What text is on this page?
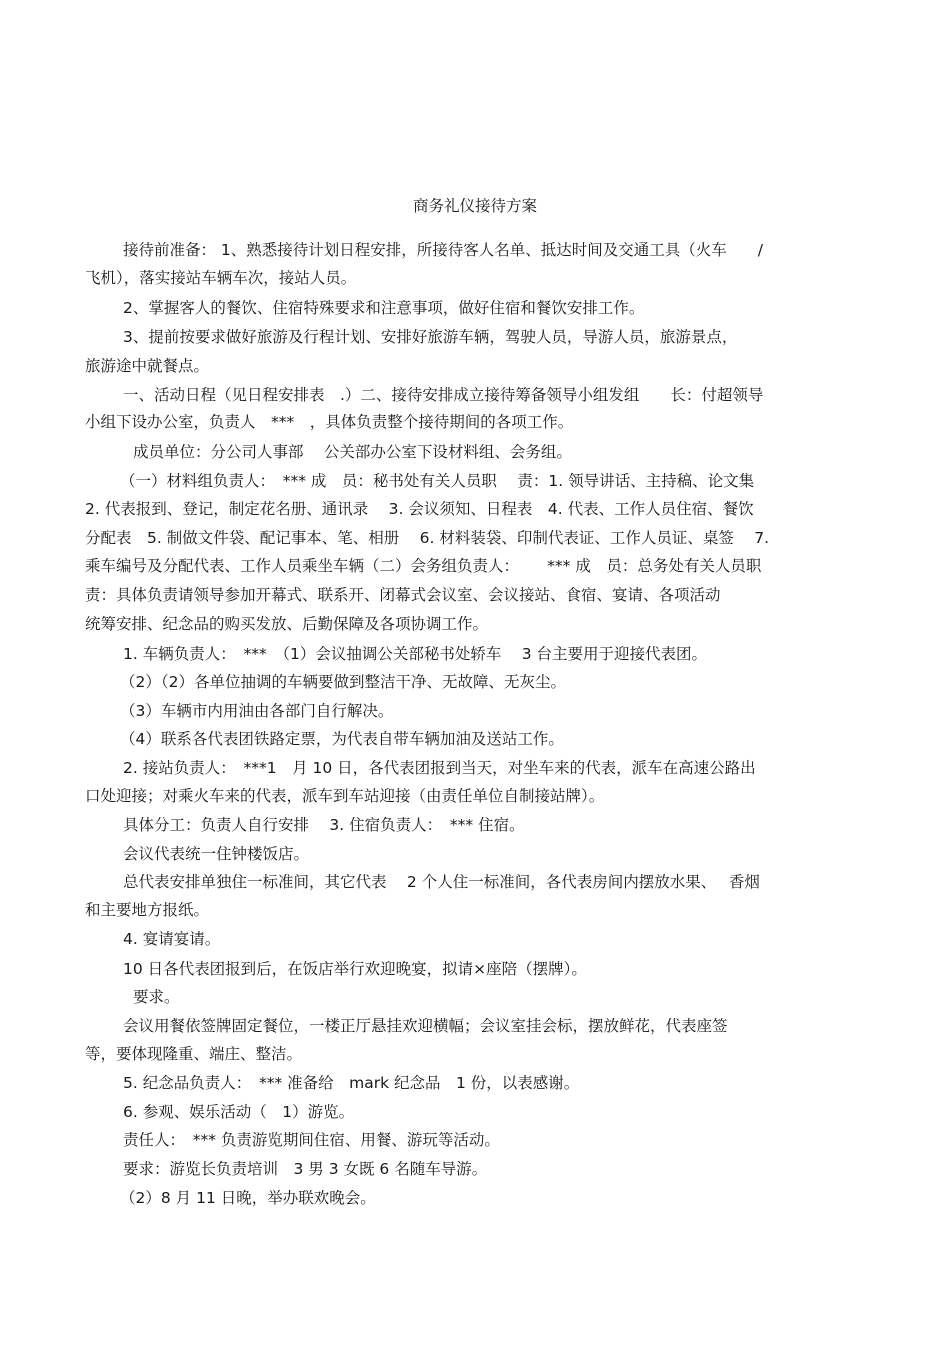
商务礼仪接待方案
接待前准备： 1、熟悉接待计划日程安排，所接待客人名单、抵达时间及交通工具（火车　　/
飞机），落实接站车辆车次，接站人员。
2、掌握客人的餐饮、住宿特殊要求和注意事项，做好住宿和餐饮安排工作。
3、提前按要求做好旅游及行程计划、安排好旅游车辆，驾驶人员，导游人员，旅游景点，
旅游途中就餐点。
一、活动日程（见日程安排表　.）二、接待安排成立接待筹备领导小组发组　　长：付超领导
小组下设办公室，负责人　***　，具体负责整个接待期间的各项工作。
成员单位：分公司人事部　 公关部办公室下设材料组、会务组。
（一）材料组负责人：　*** 成　员：秘书处有关人员职　 责：1. 领导讲话、主持稿、论文集
2. 代表报到、登记，制定花名册、通讯录　 3. 会议须知、日程表　4. 代表、工作人员住宿、餐饮
分配表　5. 制做文件袋、配记事本、笔、相册　 6. 材料装袋、印制代表证、工作人员证、桌签　 7.
乘车编号及分配代表、工作人员乘坐车辆（二）会务组负责人：　　 *** 成　员：总务处有关人员职
责：具体负责请领导参加开幕式、联系开、闭幕式会议室、会议接站、食宿、宴请、各项活动
统筹安排、纪念品的购买发放、后勤保障及各项协调工作。
1. 车辆负责人：　***　（1）会议抽调公关部秘书处轿车　 3 台主要用于迎接代表团。
（2）（2）各单位抽调的车辆要做到整洁干净、无故障、无灰尘。
（3）车辆市内用油由各部门自行解决。
（4）联系各代表团铁路定票，为代表自带车辆加油及送站工作。
2. 接站负责人：　***1　月 10 日，各代表团报到当天，对坐车来的代表，派车在高速公路出
口处迎接；对乘火车来的代表，派车到车站迎接（由责任单位自制接站牌）。
具体分工：负责人自行安排　 3. 住宿负责人：　*** 住宿。
会议代表统一住钟楼饭店。
总代表安排单独住一标准间，其它代表　 2 个人住一标准间，各代表房间内摆放水果、　 香烟
和主要地方报纸。
4. 宴请宴请。
10 日各代表团报到后，在饭店举行欢迎晚宴，拟请×座陪（摆牌）。
要求。
会议用餐依签牌固定餐位，一楼正厅悬挂欢迎横幅；会议室挂会标，摆放鲜花，代表座签
等，要体现隆重、端庄、整洁。
5. 纪念品负责人：　*** 准备给　mark 纪念品　1 份，以表感谢。
6. 参观、娱乐活动（　1）游览。
责任人：　*** 负责游览期间住宿、用餐、游玩等活动。
要求：游览长负责培训　3 男 3 女既 6 名随车导游。
（2）8 月 11 日晚，举办联欢晚会。
